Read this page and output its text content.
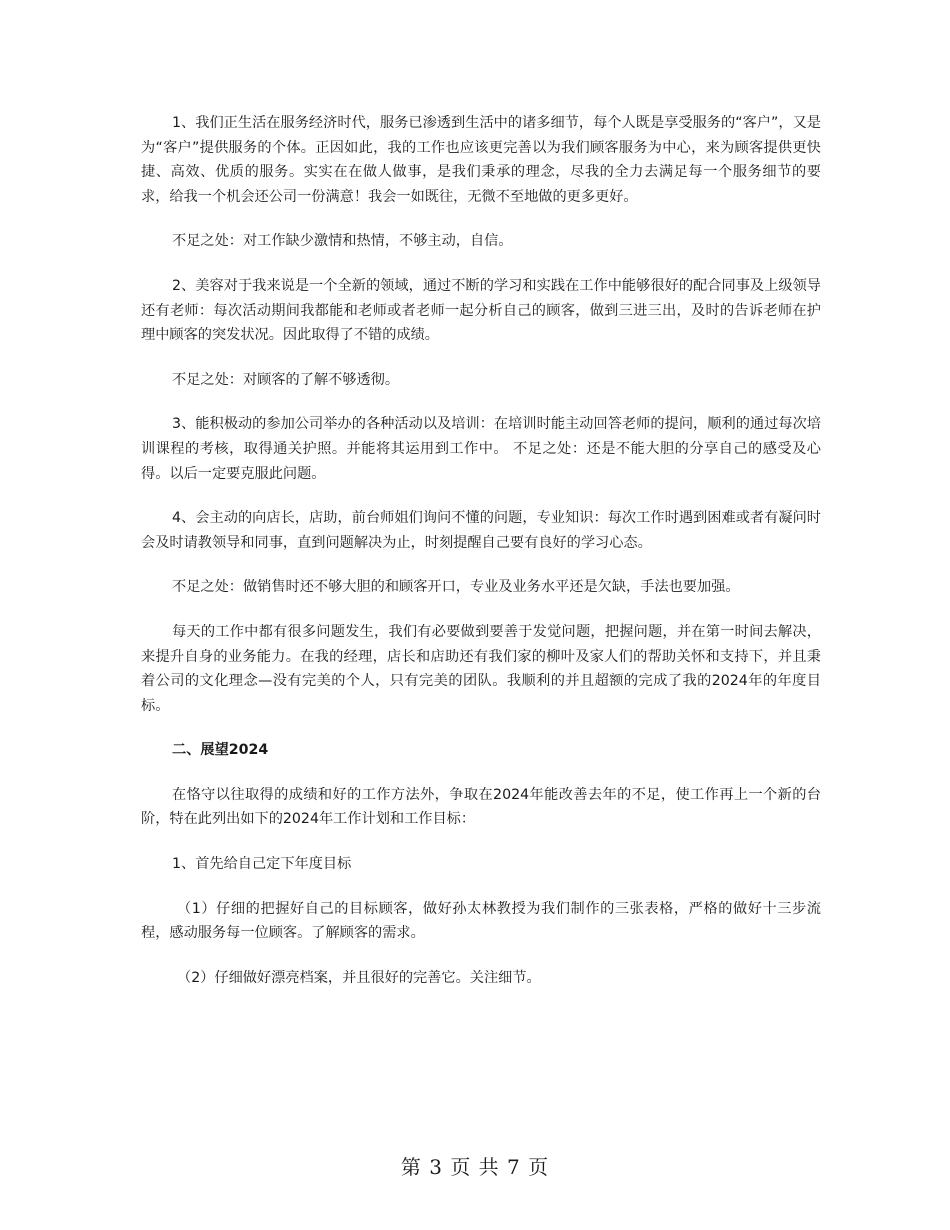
1、我们正生活在服务经济时代，服务已渗透到生活中的诸多细节，每个人既是享受服务的“客户”，又是为“客户”提供服务的个体。正因如此，我的工作也应该更完善以为我们顾客服务为中心，来为顾客提供更快捷、高效、优质的服务。实实在在做人做事，是我们秉承的理念，尽我的全力去满足每一个服务细节的要求，给我一个机会还公司一份满意！我会一如既往，无微不至地做的更多更好。

不足之处：对工作缺少激情和热情，不够主动，自信。

2、美容对于我来说是一个全新的领域，通过不断的学习和实践在工作中能够很好的配合同事及上级领导还有老师：每次活动期间我都能和老师或者老师一起分析自己的顾客，做到三进三出，及时的告诉老师在护理中顾客的突发状况。因此取得了不错的成绩。

不足之处：对顾客的了解不够透彻。

3、能积极动的参加公司举办的各种活动以及培训：在培训时能主动回答老师的提问，顺利的通过每次培训课程的考核，取得通关护照。并能将其运用到工作中。 不足之处：还是不能大胆的分享自己的感受及心得。以后一定要克服此问题。

4、会主动的向店长，店助，前台师姐们询问不懂的问题，专业知识：每次工作时遇到困难或者有凝问时会及时请教领导和同事，直到问题解决为止，时刻提醒自己要有良好的学习心态。

不足之处：做销售时还不够大胆的和顾客开口，专业及业务水平还是欠缺，手法也要加强。

每天的工作中都有很多问题发生，我们有必要做到要善于发觉问题，把握问题，并在第一时间去解决，来提升自身的业务能力。在我的经理，店长和店助还有我们家的柳叶及家人们的帮助关怀和支持下，并且秉着公司的文化理念—没有完美的个人，只有完美的团队。我顺利的并且超额的完成了我的2024年的年度目标。

二、展望2024

在恪守以往取得的成绩和好的工作方法外，争取在2024年能改善去年的不足，使工作再上一个新的台阶，特在此列出如下的2024年工作计划和工作目标：

1、首先给自己定下年度目标

（1）仔细的把握好自己的目标顾客，做好孙太林教授为我们制作的三张表格，严格的做好十三步流程，感动服务每一位顾客。了解顾客的需求。

（2）仔细做好漂亮档案，并且很好的完善它。关注细节。

第 3 页 共 7 页
